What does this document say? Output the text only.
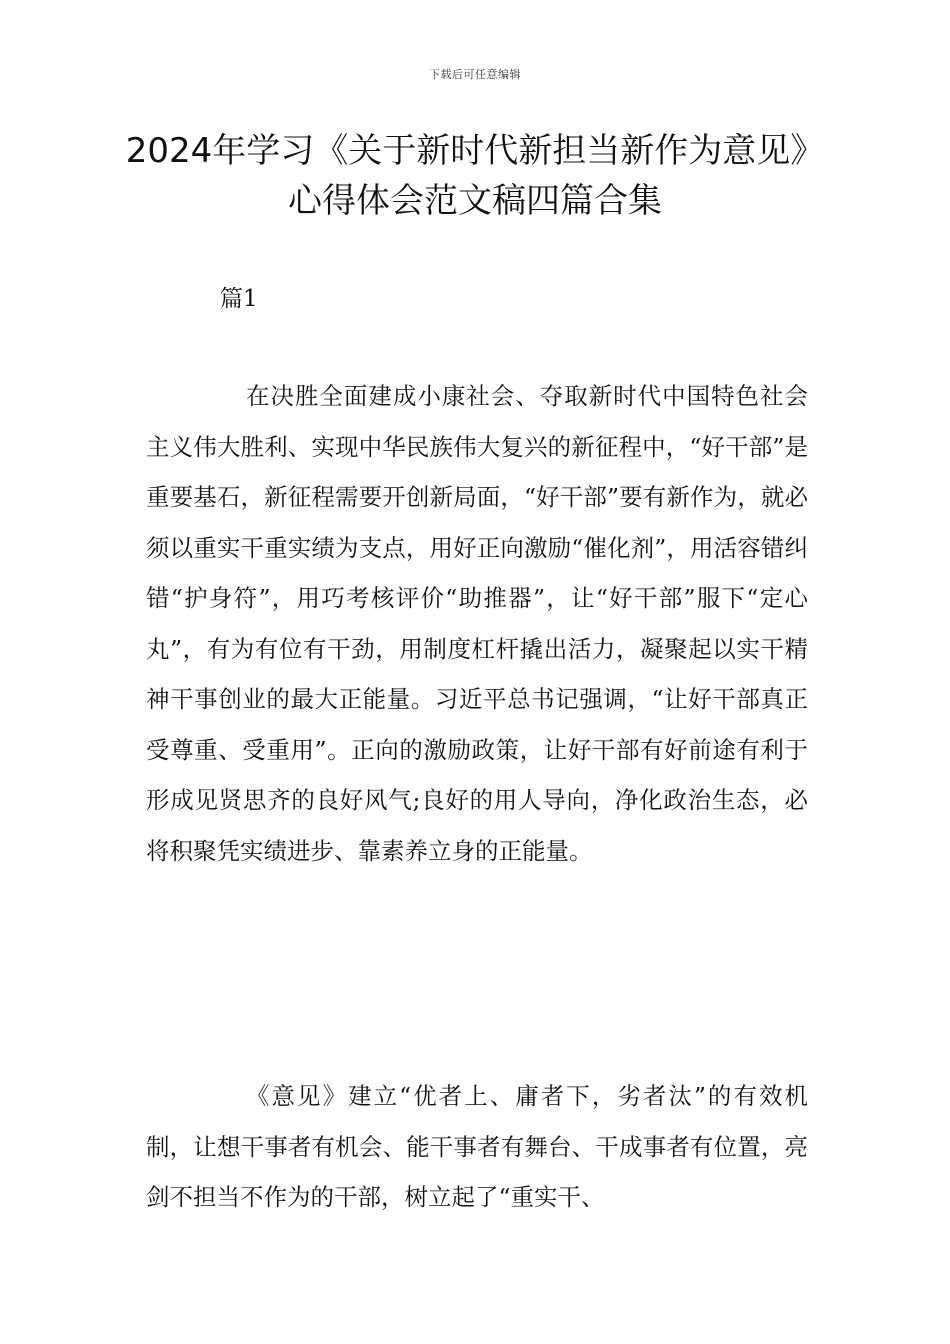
下载后可任意编辑
2024年学习《关于新时代新担当新作为意见》心得体会范文稿四篇合集
篇1

在决胜全面建成小康社会、夺取新时代中国特色社会主义伟大胜利、实现中华民族伟大复兴的新征程中，“好干部”是重要基石，新征程需要开创新局面，“好干部”要有新作为，就必须以重实干重实绩为支点，用好正向激励“催化剂”，用活容错纠错“护身符”，用巧考核评价“助推器”，让“好干部”服下“定心丸”，有为有位有干劲，用制度杠杆撬出活力，凝聚起以实干精神干事创业的最大正能量。习近平总书记强调，“让好干部真正受尊重、受重用”。正向的激励政策，让好干部有好前途有利于形成见贤思齐的良好风气;良好的用人导向，净化政治生态，必将积聚凭实绩进步、靠素养立身的正能量。

《意见》建立“优者上、庸者下，劣者汰”的有效机制，让想干事者有机会、能干事者有舞台、干成事者有位置，亮剑不担当不作为的干部，树立起了“重实干、
